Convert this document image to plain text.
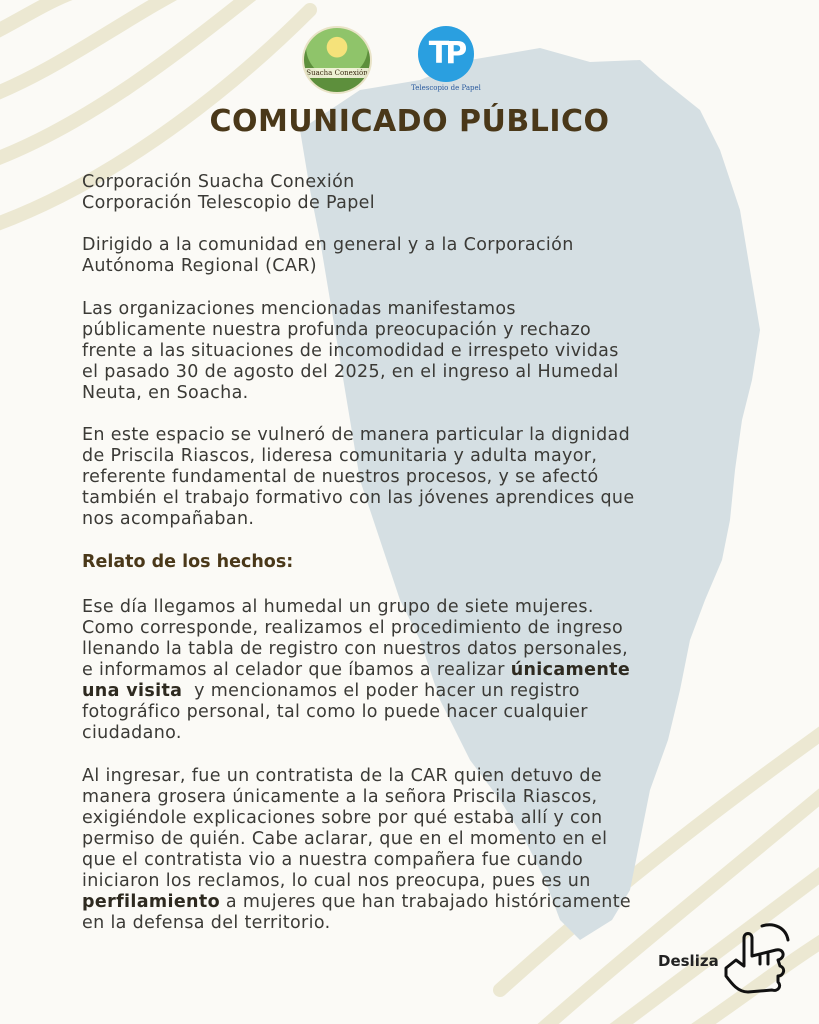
Suacha Conexión
TP
Telescopio de Papel
COMUNICADO PÚBLICO

Corporación Suacha Conexión
Corporación Telescopio de Papel

Dirigido a la comunidad en general y a la Corporación
Autónoma Regional (CAR)

Las organizaciones mencionadas manifestamos
públicamente nuestra profunda preocupación y rechazo
frente a las situaciones de incomodidad e irrespeto vividas
el pasado 30 de agosto del 2025, en el ingreso al Humedal
Neuta, en Soacha.

En este espacio se vulneró de manera particular la dignidad
de Priscila Riascos, lideresa comunitaria y adulta mayor,
referente fundamental de nuestros procesos, y se afectó
también el trabajo formativo con las jóvenes aprendices que
nos acompañaban.

Relato de los hechos:

Ese día llegamos al humedal un grupo de siete mujeres.
Como corresponde, realizamos el procedimiento de ingreso
llenando la tabla de registro con nuestros datos personales,
e informamos al celador que íbamos a realizar únicamente
una visita  y mencionamos el poder hacer un registro
fotográfico personal, tal como lo puede hacer cualquier
ciudadano.

Al ingresar, fue un contratista de la CAR quien detuvo de
manera grosera únicamente a la señora Priscila Riascos,
exigiéndole explicaciones sobre por qué estaba allí y con
permiso de quién. Cabe aclarar, que en el momento en el
que el contratista vio a nuestra compañera fue cuando
iniciaron los reclamos, lo cual nos preocupa, pues es un
perfilamiento a mujeres que han trabajado históricamente
en la defensa del territorio.

Desliza
